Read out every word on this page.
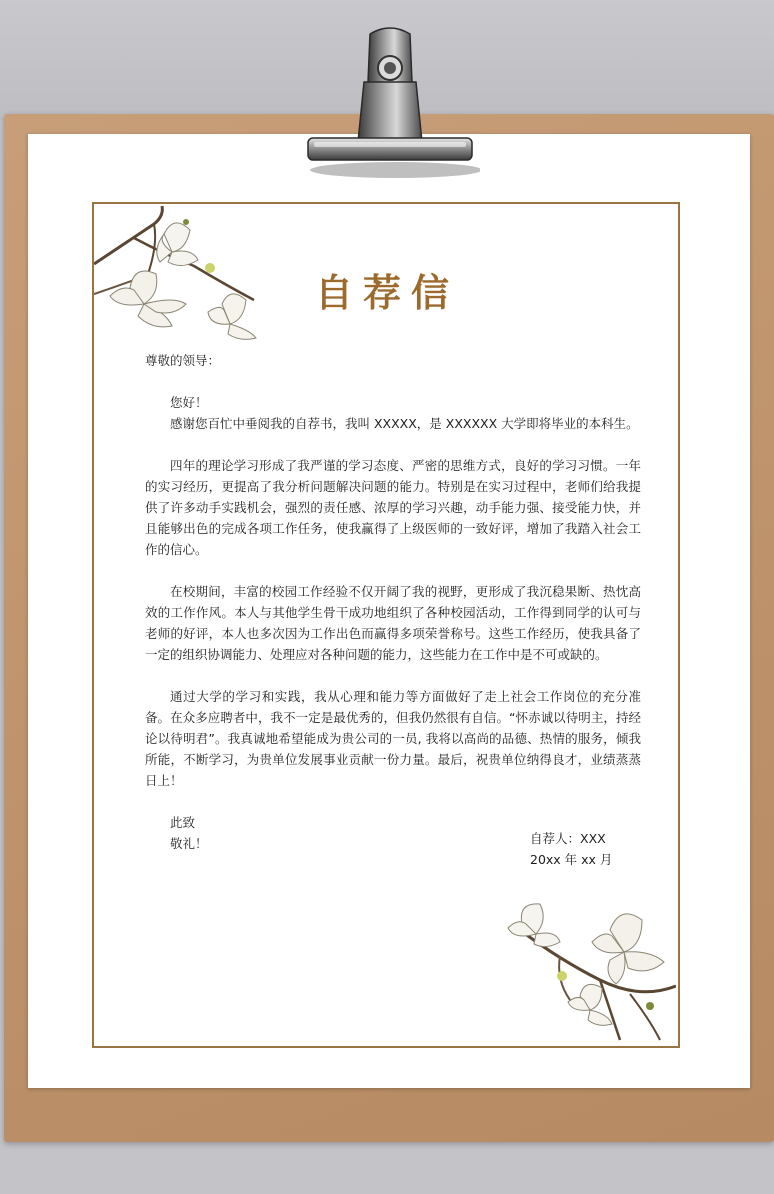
自荐信

尊敬的领导：

您好！

感谢您百忙中垂阅我的自荐书，我叫 XXXXX，是 XXXXXX 大学即将毕业的本科生。

四年的理论学习形成了我严谨的学习态度、严密的思维方式，良好的学习习惯。一年的实习经历，更提高了我分析问题解决问题的能力。特别是在实习过程中，老师们给我提供了许多动手实践机会，强烈的责任感、浓厚的学习兴趣，动手能力强、接受能力快，并且能够出色的完成各项工作任务，使我赢得了上级医师的一致好评，增加了我踏入社会工作的信心。

在校期间，丰富的校园工作经验不仅开阔了我的视野，更形成了我沉稳果断、热忱高效的工作作风。本人与其他学生骨干成功地组织了各种校园活动，工作得到同学的认可与老师的好评，本人也多次因为工作出色而赢得多项荣誉称号。这些工作经历，使我具备了一定的组织协调能力、处理应对各种问题的能力，这些能力在工作中是不可或缺的。

通过大学的学习和实践，我从心理和能力等方面做好了走上社会工作岗位的充分准备。在众多应聘者中，我不一定是最优秀的，但我仍然很有自信。“怀赤诚以待明主，持经论以待明君”。我真诚地希望能成为贵公司的一员, 我将以高尚的品德、热情的服务，倾我所能，不断学习，为贵单位发展事业贡献一份力量。最后，祝贵单位纳得良才，业绩蒸蒸日上！

此致

敬礼！	自荐人：XXX
20xx 年 xx 月
